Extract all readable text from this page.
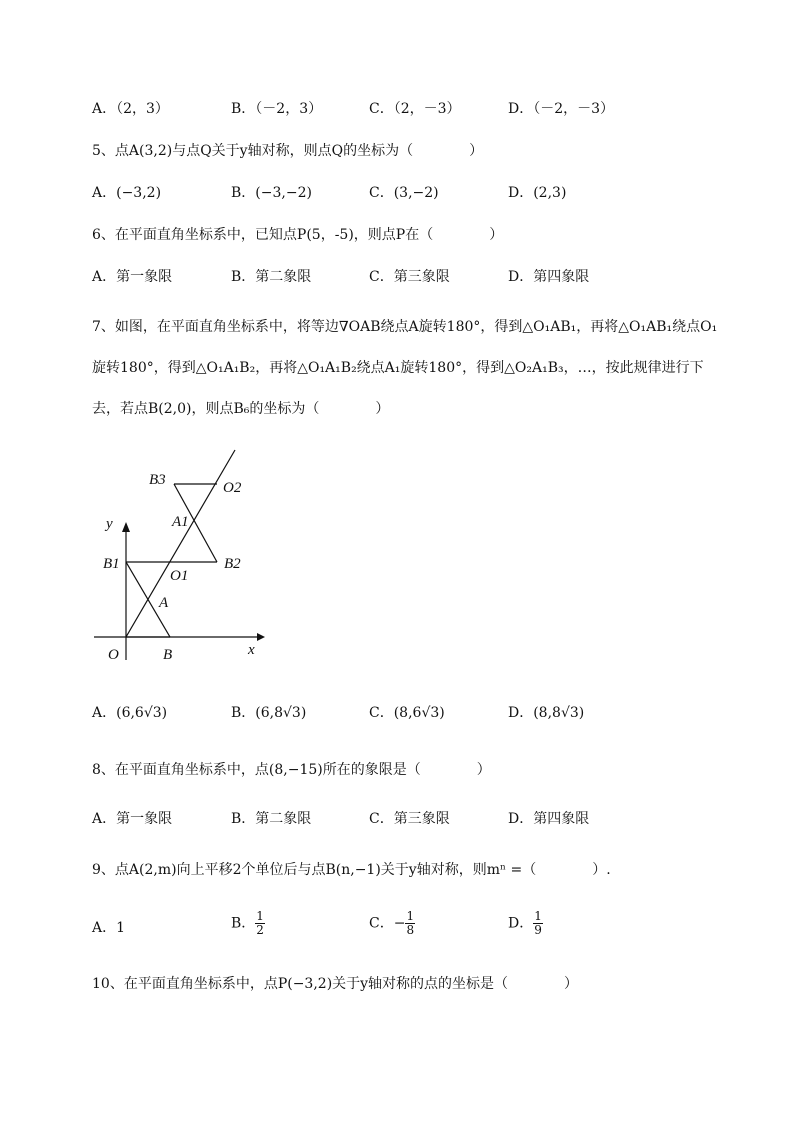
A．（2，3）	B．（－2，3）	C．（2，－3）	D．（－2，－3）
5、点A(3,2)与点Q关于y轴对称，则点Q的坐标为（　　　　）
A．(−3,2)	B．(−3,−2)	C．(3,−2)	D．(2,3)
6、在平面直角坐标系中，已知点P(5，-5)，则点P在（　　　　）
A．第一象限	B．第二象限	C．第三象限	D．第四象限
7、如图，在平面直角坐标系中，将等边∇OAB绕点A旋转180°，得到△O₁AB₁，再将△O₁AB₁绕点O₁
旋转180°，得到△O₁A₁B₂，再将△O₁A₁B₂绕点A₁旋转180°，得到△O₂A₁B₃，…，按此规律进行下
去，若点B(2,0)，则点B₆的坐标为（　　　　）
y
x
O	B
A
B1
O1
B2
A1
B3	O2
A．(6,6√3)	B．(6,8√3)	C．(8,6√3)	D．(8,8√3)
8、在平面直角坐标系中，点(8,−15)所在的象限是（　　　　）
A．第一象限	B．第二象限	C．第三象限	D．第四象限
9、点A(2,m)向上平移2个单位后与点B(n,−1)关于y轴对称，则mⁿ =（　　　　）.
A．1	B． $\frac{1}{2}$	C．− $\frac{1}{8}$	D． $\frac{1}{9}$
10、在平面直角坐标系中，点P(−3,2)关于y轴对称的点的坐标是（　　　　）
